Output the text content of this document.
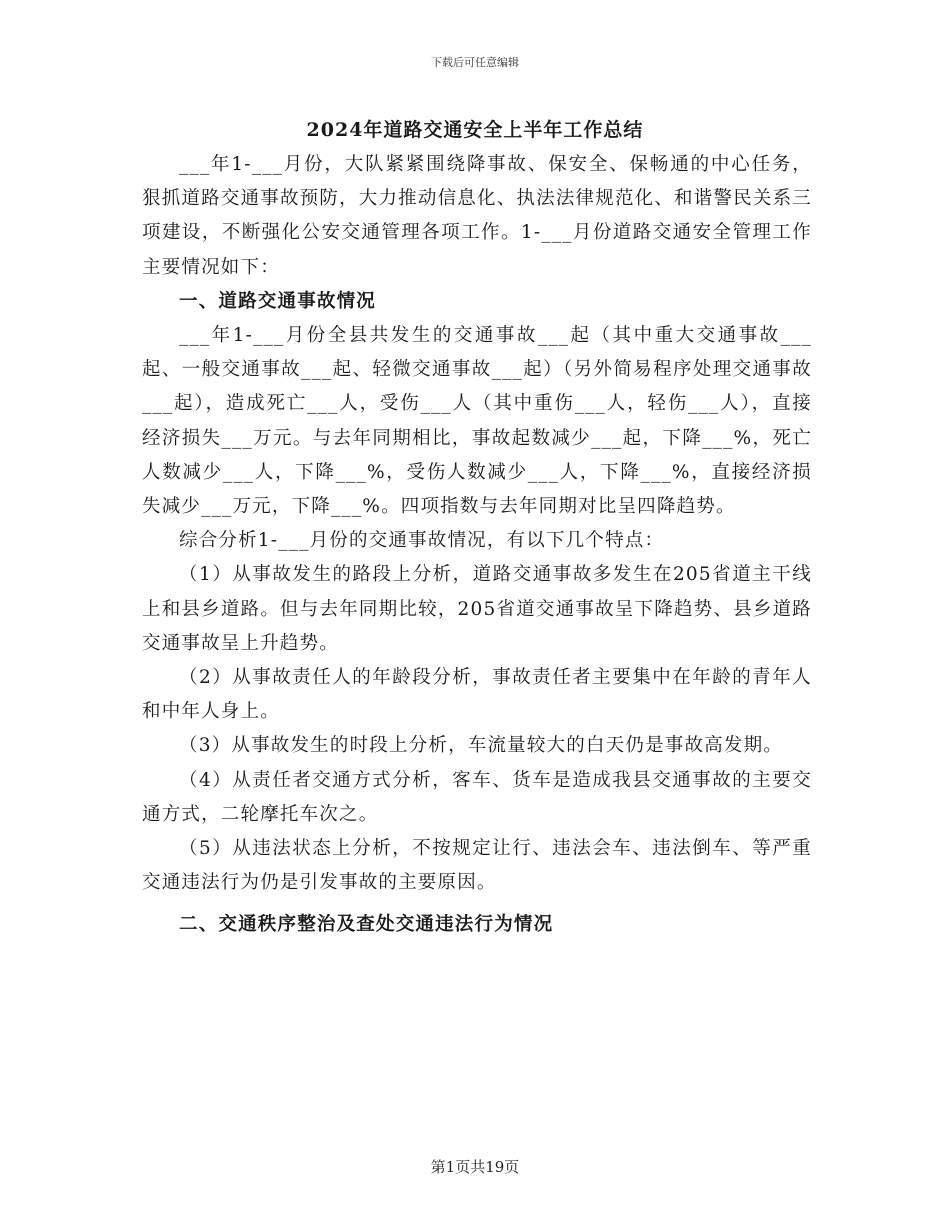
下载后可任意编辑
2024年道路交通安全上半年工作总结

___年1-___月份，大队紧紧围绕降事故、保安全、保畅通的中心任务，狠抓道路交通事故预防，大力推动信息化、执法法律规范化、和谐警民关系三项建设，不断强化公安交通管理各项工作。1-___月份道路交通安全管理工作主要情况如下：

一、道路交通事故情况

___年1-___月份全县共发生的交通事故___起（其中重大交通事故___起、一般交通事故___起、轻微交通事故___起）（另外简易程序处理交通事故___起），造成死亡___人，受伤___人（其中重伤___人，轻伤___人），直接经济损失___万元。与去年同期相比，事故起数减少___起，下降___%，死亡人数减少___人，下降___%，受伤人数减少___人，下降___%，直接经济损失减少___万元，下降___%。四项指数与去年同期对比呈四降趋势。

综合分析1-___月份的交通事故情况，有以下几个特点：

（1）从事故发生的路段上分析，道路交通事故多发生在205省道主干线上和县乡道路。但与去年同期比较，205省道交通事故呈下降趋势、县乡道路交通事故呈上升趋势。

（2）从事故责任人的年龄段分析，事故责任者主要集中在年龄的青年人和中年人身上。

（3）从事故发生的时段上分析，车流量较大的白天仍是事故高发期。

（4）从责任者交通方式分析，客车、货车是造成我县交通事故的主要交通方式，二轮摩托车次之。

（5）从违法状态上分析，不按规定让行、违法会车、违法倒车、等严重交通违法行为仍是引发事故的主要原因。

二、交通秩序整治及查处交通违法行为情况
第1页共19页
